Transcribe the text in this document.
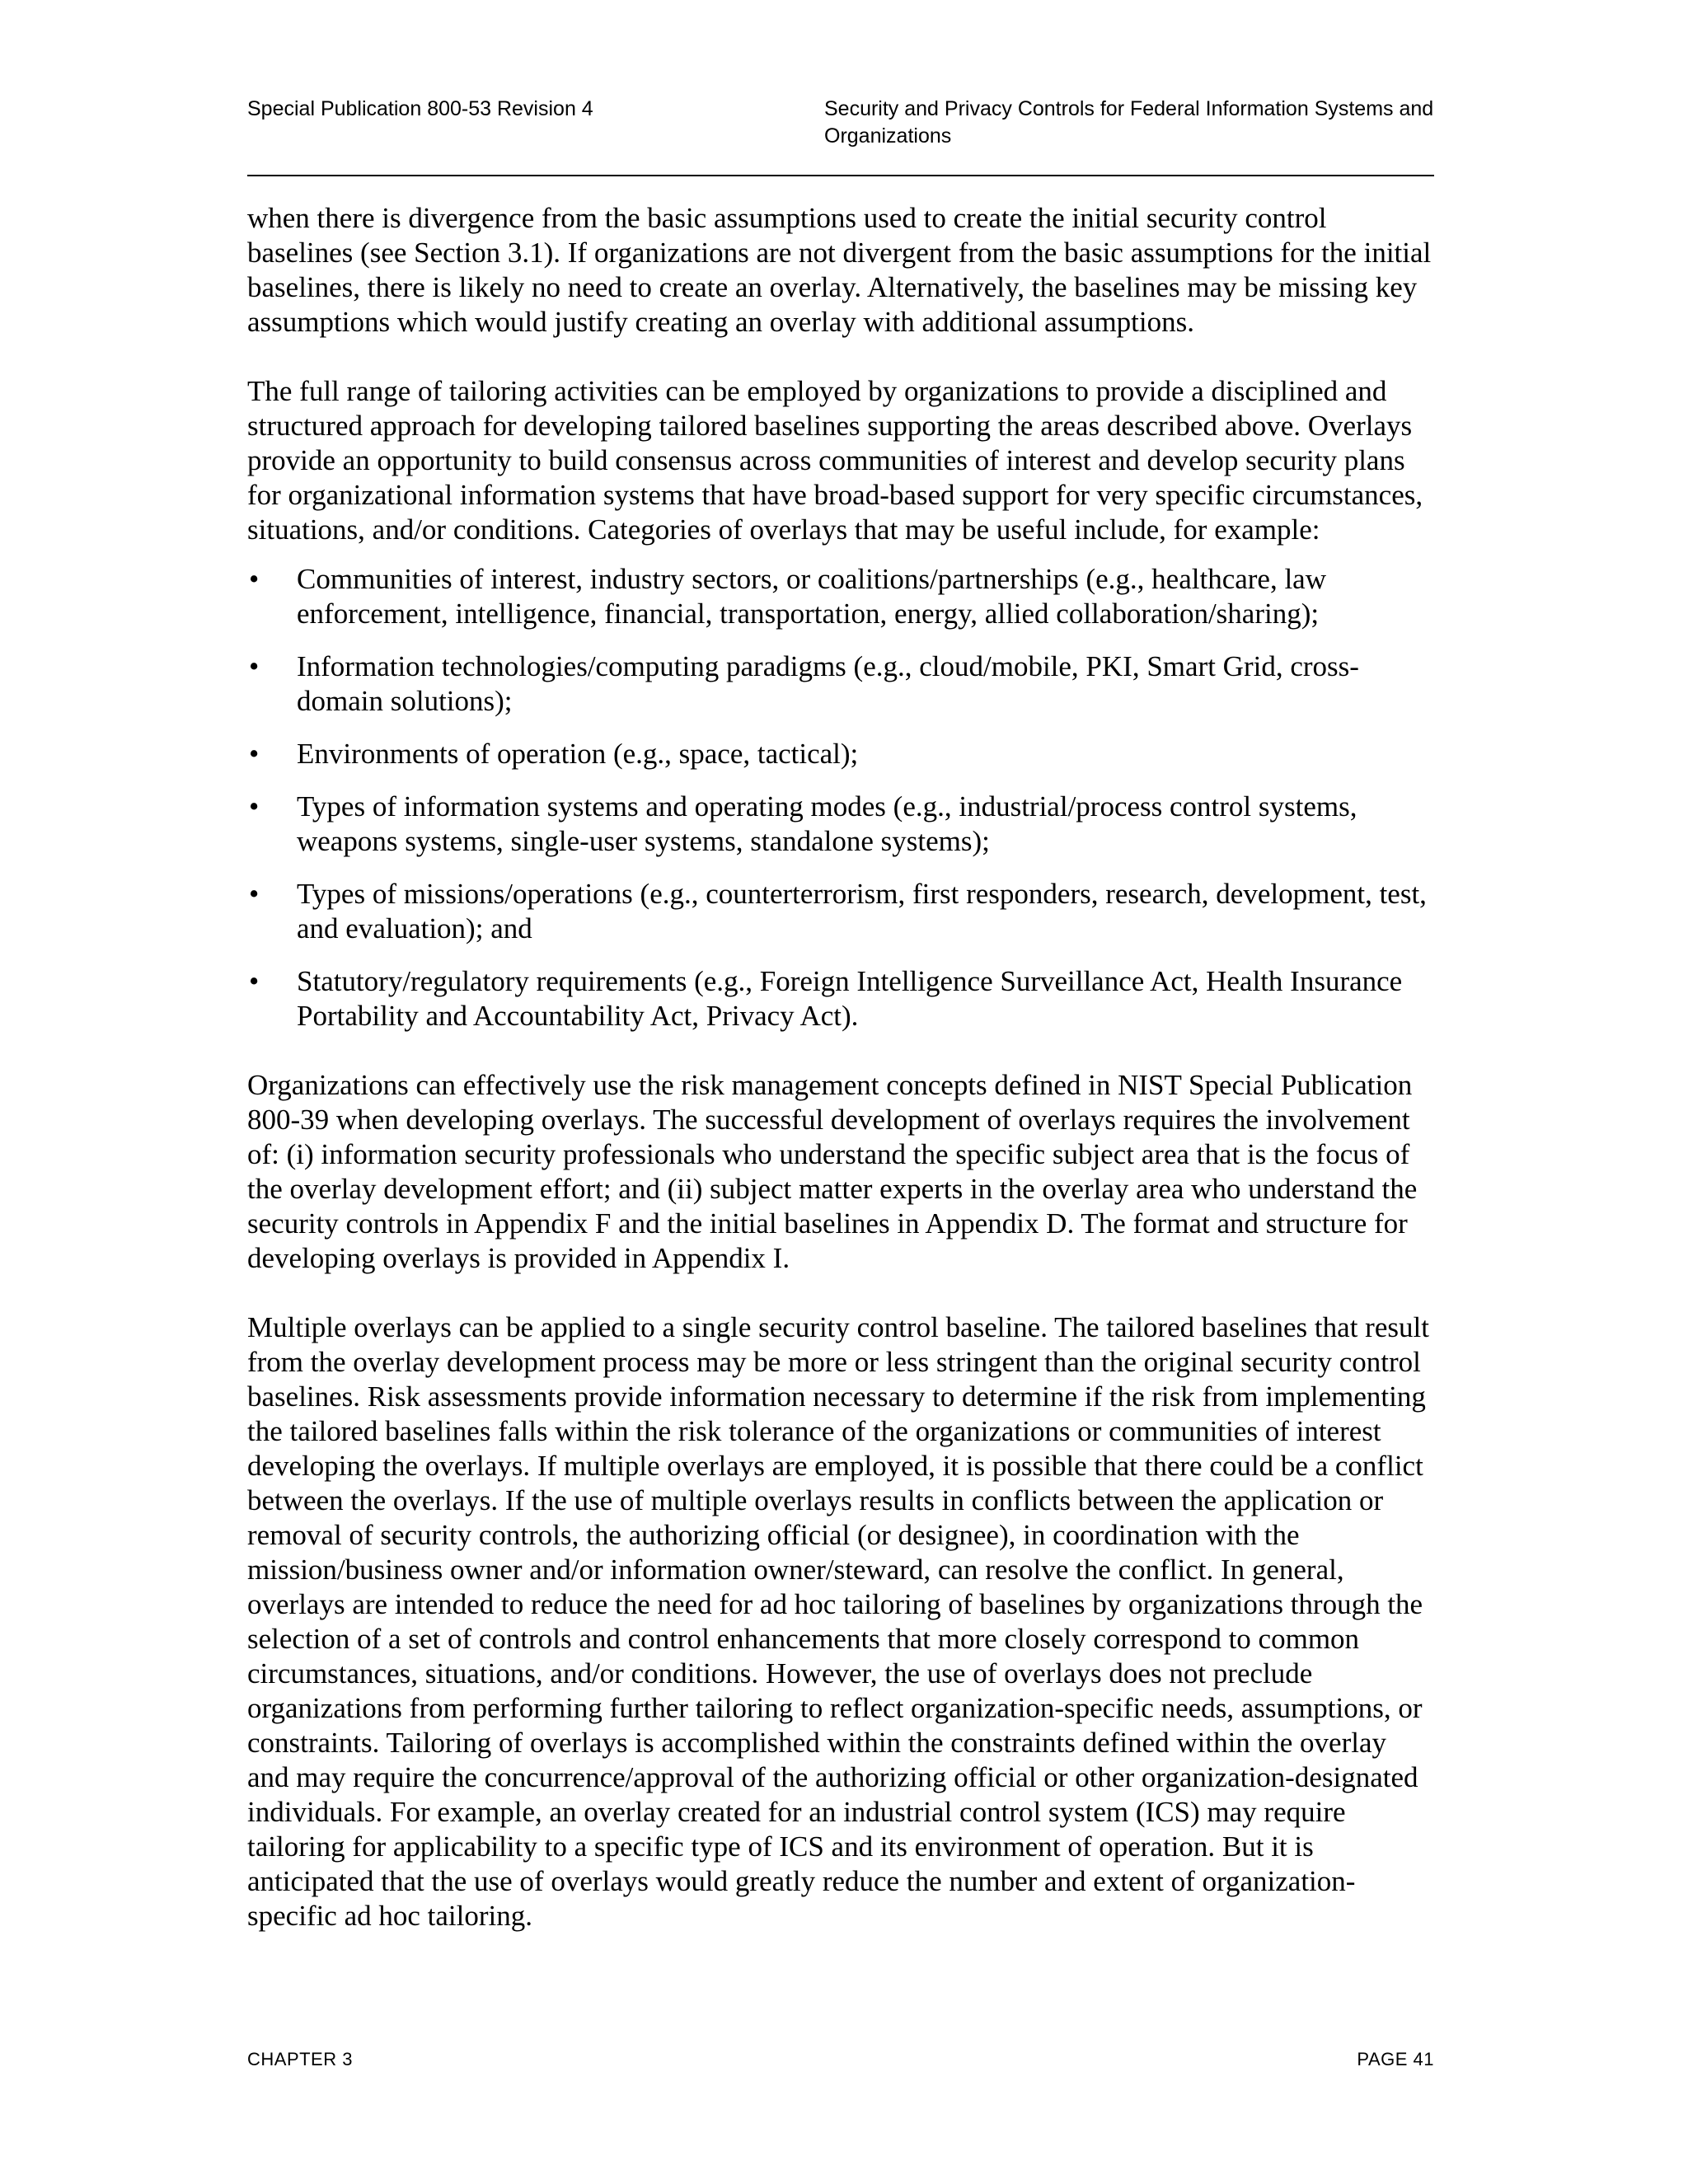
Special Publication 800-53 Revision 4	Security and Privacy Controls for Federal Information Systems and Organizations

when there is divergence from the basic assumptions used to create the initial security control baselines (see Section 3.1). If organizations are not divergent from the basic assumptions for the initial baselines, there is likely no need to create an overlay. Alternatively, the baselines may be missing key assumptions which would justify creating an overlay with additional assumptions.

The full range of tailoring activities can be employed by organizations to provide a disciplined and structured approach for developing tailored baselines supporting the areas described above. Overlays provide an opportunity to build consensus across communities of interest and develop security plans for organizational information systems that have broad-based support for very specific circumstances, situations, and/or conditions. Categories of overlays that may be useful include, for example:

• Communities of interest, industry sectors, or coalitions/partnerships (e.g., healthcare, law enforcement, intelligence, financial, transportation, energy, allied collaboration/sharing);
• Information technologies/computing paradigms (e.g., cloud/mobile, PKI, Smart Grid, cross-domain solutions);
• Environments of operation (e.g., space, tactical);
• Types of information systems and operating modes (e.g., industrial/process control systems, weapons systems, single-user systems, standalone systems);
• Types of missions/operations (e.g., counterterrorism, first responders, research, development, test, and evaluation); and
• Statutory/regulatory requirements (e.g., Foreign Intelligence Surveillance Act, Health Insurance Portability and Accountability Act, Privacy Act).

Organizations can effectively use the risk management concepts defined in NIST Special Publication 800-39 when developing overlays. The successful development of overlays requires the involvement of: (i) information security professionals who understand the specific subject area that is the focus of the overlay development effort; and (ii) subject matter experts in the overlay area who understand the security controls in Appendix F and the initial baselines in Appendix D. The format and structure for developing overlays is provided in Appendix I.

Multiple overlays can be applied to a single security control baseline. The tailored baselines that result from the overlay development process may be more or less stringent than the original security control baselines. Risk assessments provide information necessary to determine if the risk from implementing the tailored baselines falls within the risk tolerance of the organizations or communities of interest developing the overlays. If multiple overlays are employed, it is possible that there could be a conflict between the overlays. If the use of multiple overlays results in conflicts between the application or removal of security controls, the authorizing official (or designee), in coordination with the mission/business owner and/or information owner/steward, can resolve the conflict. In general, overlays are intended to reduce the need for ad hoc tailoring of baselines by organizations through the selection of a set of controls and control enhancements that more closely correspond to common circumstances, situations, and/or conditions. However, the use of overlays does not preclude organizations from performing further tailoring to reflect organization-specific needs, assumptions, or constraints. Tailoring of overlays is accomplished within the constraints defined within the overlay and may require the concurrence/approval of the authorizing official or other organization-designated individuals. For example, an overlay created for an industrial control system (ICS) may require tailoring for applicability to a specific type of ICS and its environment of operation. But it is anticipated that the use of overlays would greatly reduce the number and extent of organization-specific ad hoc tailoring.

CHAPTER 3	PAGE 41
